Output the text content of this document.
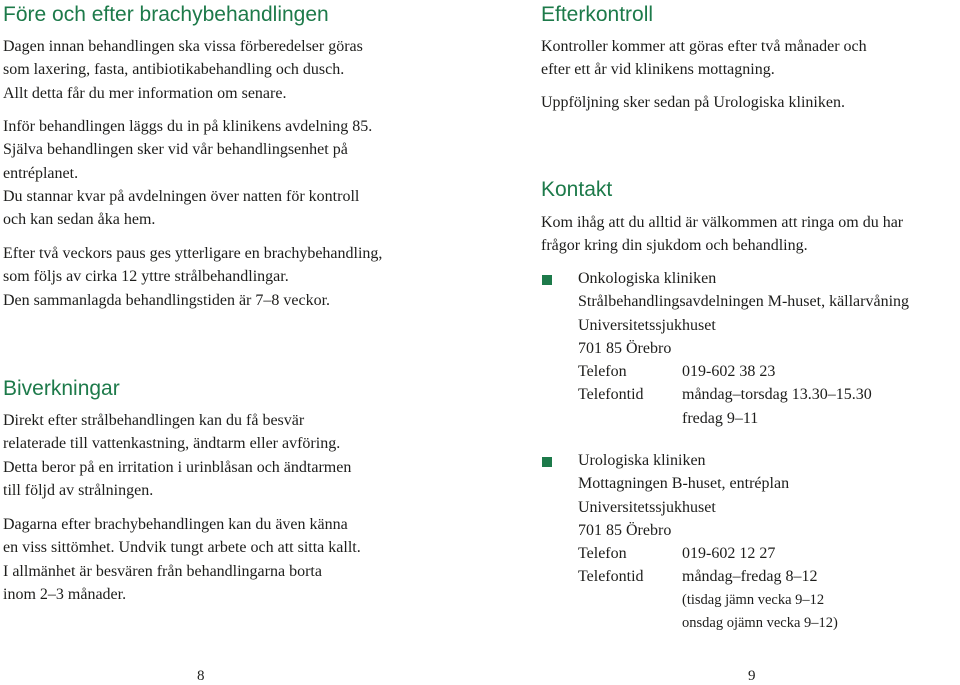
Före och efter brachybehandlingen
Dagen innan behandlingen ska vissa förberedelser göras
som laxering, fasta, antibiotikabehandling och dusch.
Allt detta får du mer information om senare.
Inför behandlingen läggs du in på klinikens avdelning 85.
Själva behandlingen sker vid vår behandlingsenhet på
entréplanet.
Du stannar kvar på avdelningen över natten för kontroll
och kan sedan åka hem.
Efter två veckors paus ges ytterligare en brachybehandling,
som följs av cirka 12 yttre strålbehandlingar.
Den sammanlagda behandlingstiden är 7–8 veckor.
Biverkningar
Direkt efter strålbehandlingen kan du få besvär
relaterade till vattenkastning, ändtarm eller avföring.
Detta beror på en irritation i urinblåsan och ändtarmen
till följd av strålningen.
Dagarna efter brachybehandlingen kan du även känna
en viss sittömhet. Undvik tungt arbete och att sitta kallt.
I allmänhet är besvären från behandlingarna borta
inom 2–3 månader.
8
Efterkontroll
Kontroller kommer att göras efter två månader och
efter ett år vid klinikens mottagning.
Uppföljning sker sedan på Urologiska kliniken.
Kontakt
Kom ihåg att du alltid är välkommen att ringa om du har
frågor kring din sjukdom och behandling.
Onkologiska kliniken
Strålbehandlingsavdelningen M-huset, källarvåning
Universitetssjukhuset
701 85 Örebro
Telefon	019-602 38 23
Telefontid måndag–torsdag 13.30–15.30
fredag 9–11
Urologiska kliniken
Mottagningen B-huset, entréplan
Universitetssjukhuset
701 85 Örebro
Telefon	019-602 12 27
Telefontid måndag–fredag 8–12
(tisdag jämn vecka 9–12
onsdag ojämn vecka 9–12)
9
